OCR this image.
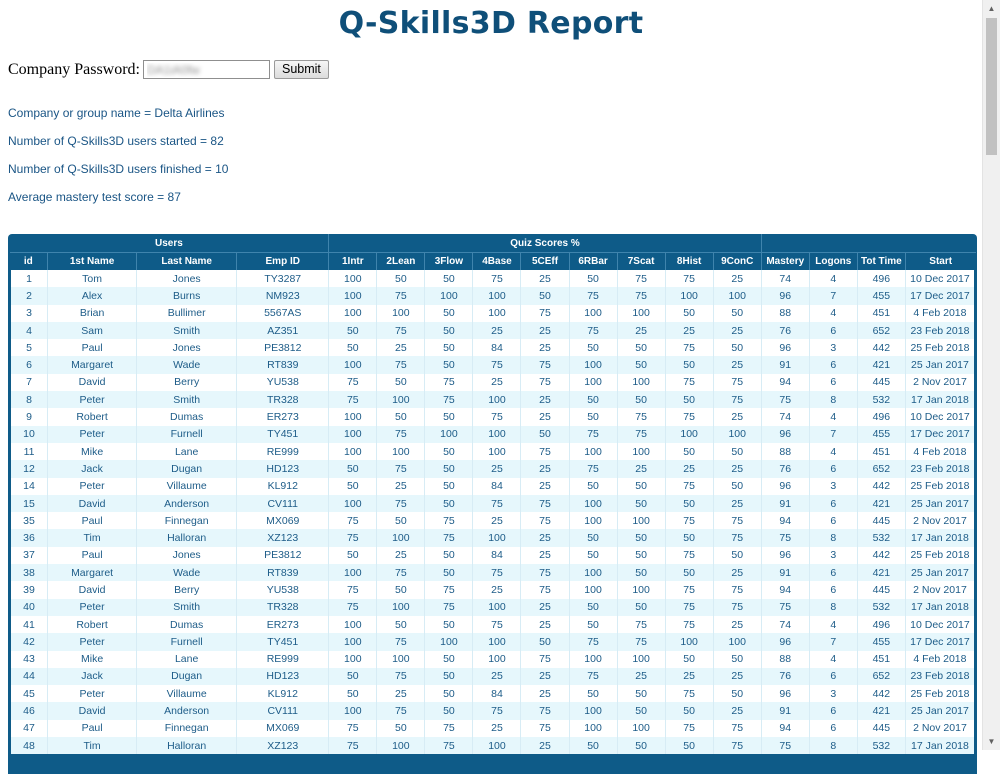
Q-Skills3D Report
Company Password:
DA1iA0fw	Submit
Company or group name = Delta Airlines
Number of Q-Skills3D users started = 82
Number of Q-Skills3D users finished = 10
Average mastery test score = 87
Users				Quiz Scores %												
id	1st Name	Last Name	Emp ID	1Intr	2Lean	3Flow	4Base	5CEff	6RBar	7Scat	8Hist	9ConC	Mastery	Logons	Tot Time	Start
1	Tom	Jones	TY3287	100	50	50	75	25	50	75	75	25	74	4	496	10 Dec 2017
2	Alex	Burns	NM923	100	75	100	100	50	75	75	100	100	96	7	455	17 Dec 2017
3	Brian	Bullimer	5567AS	100	100	50	100	75	100	100	50	50	88	4	451	4 Feb 2018
4	Sam	Smith	AZ351	50	75	50	25	25	75	25	25	25	76	6	652	23 Feb 2018
5	Paul	Jones	PE3812	50	25	50	84	25	50	50	75	50	96	3	442	25 Feb 2018
6	Margaret	Wade	RT839	100	75	50	75	75	100	50	50	25	91	6	421	25 Jan 2017
7	David	Berry	YU538	75	50	75	25	75	100	100	75	75	94	6	445	2 Nov 2017
8	Peter	Smith	TR328	75	100	75	100	25	50	50	50	75	75	8	532	17 Jan 2018
9	Robert	Dumas	ER273	100	50	50	75	25	50	75	75	25	74	4	496	10 Dec 2017
10	Peter	Furnell	TY451	100	75	100	100	50	75	75	100	100	96	7	455	17 Dec 2017
11	Mike	Lane	RE999	100	100	50	100	75	100	100	50	50	88	4	451	4 Feb 2018
12	Jack	Dugan	HD123	50	75	50	25	25	75	25	25	25	76	6	652	23 Feb 2018
14	Peter	Villaume	KL912	50	25	50	84	25	50	50	75	50	96	3	442	25 Feb 2018
15	David	Anderson	CV111	100	75	50	75	75	100	50	50	25	91	6	421	25 Jan 2017
35	Paul	Finnegan	MX069	75	50	75	25	75	100	100	75	75	94	6	445	2 Nov 2017
36	Tim	Halloran	XZ123	75	100	75	100	25	50	50	50	75	75	8	532	17 Jan 2018
37	Paul	Jones	PE3812	50	25	50	84	25	50	50	75	50	96	3	442	25 Feb 2018
38	Margaret	Wade	RT839	100	75	50	75	75	100	50	50	25	91	6	421	25 Jan 2017
39	David	Berry	YU538	75	50	75	25	75	100	100	75	75	94	6	445	2 Nov 2017
40	Peter	Smith	TR328	75	100	75	100	25	50	50	75	75	75	8	532	17 Jan 2018
41	Robert	Dumas	ER273	100	50	50	75	25	50	75	75	25	74	4	496	10 Dec 2017
42	Peter	Furnell	TY451	100	75	100	100	50	75	75	100	100	96	7	455	17 Dec 2017
43	Mike	Lane	RE999	100	100	50	100	75	100	100	50	50	88	4	451	4 Feb 2018
44	Jack	Dugan	HD123	50	75	50	25	25	75	25	25	25	76	6	652	23 Feb 2018
45	Peter	Villaume	KL912	50	25	50	84	25	50	50	75	50	96	3	442	25 Feb 2018
46	David	Anderson	CV111	100	75	50	75	75	100	50	50	25	91	6	421	25 Jan 2017
47	Paul	Finnegan	MX069	75	50	75	25	75	100	100	75	75	94	6	445	2 Nov 2017
48	Tim	Halloran	XZ123	75	100	75	100	25	50	50	50	75	75	8	532	17 Jan 2018
▲
▼
